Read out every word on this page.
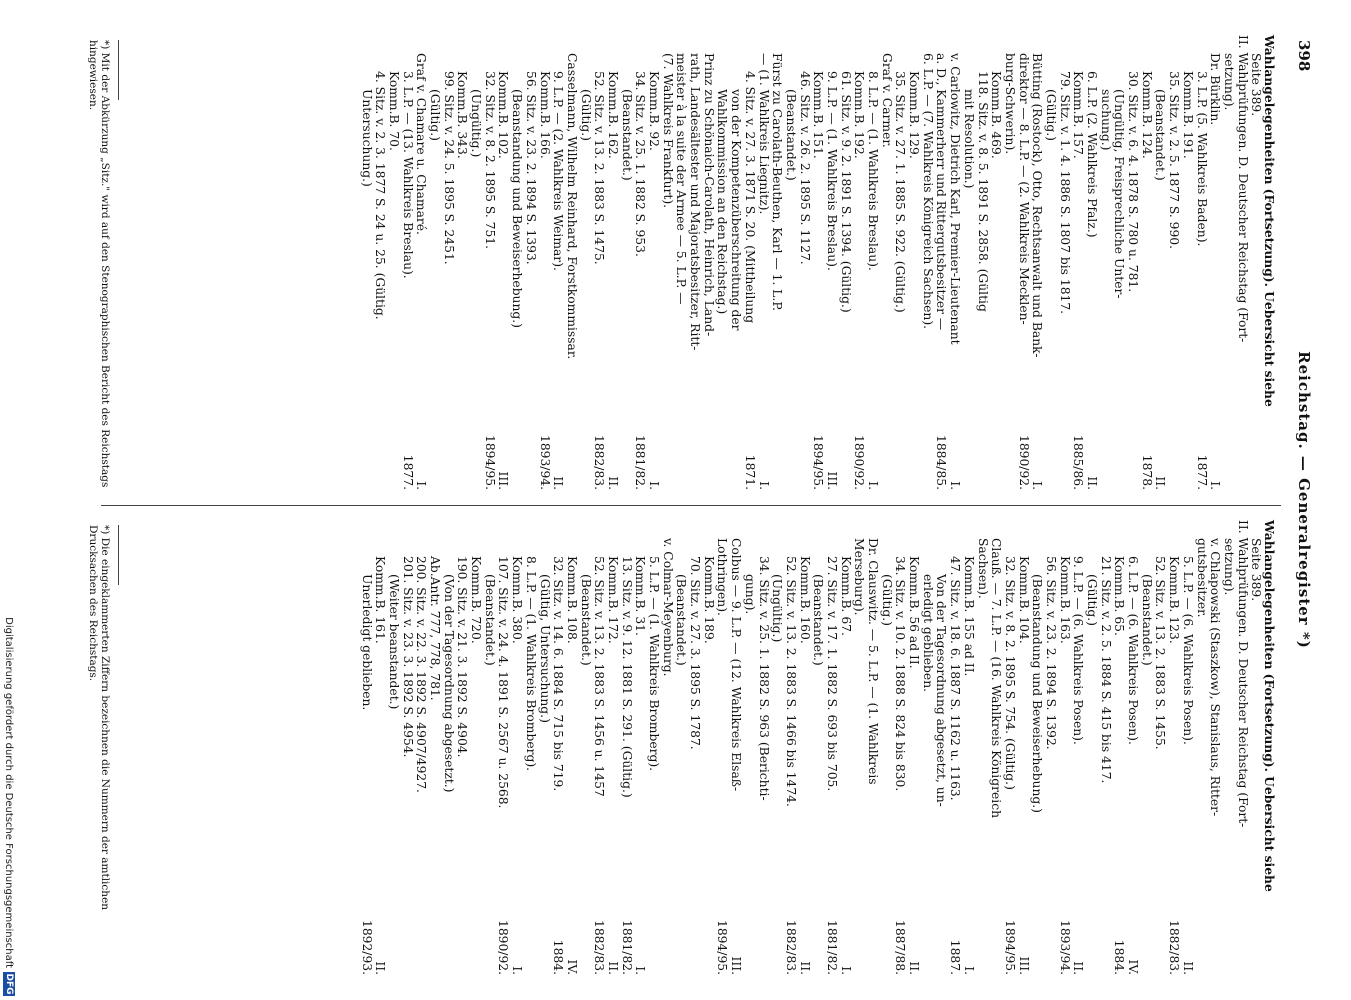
398
Reichstag. — Generalregister *)
Wahlangelegenheiten (Fortsetzung). Uebersicht siehe
Seite 389.
II. Wahlprüfungen. D. Deutscher Reichstag (Fort-
setzung).
Dr. Bürklin.
I.
3. L.P. (5. Wahlkreis Baden).
1877.
Komm.B. 191.
35. Sitz. v. 2. 5. 1877 S. 990.
(Beanstandet.)
II.
Komm.B. 124.
1878.
30. Sitz. v. 6. 4. 1878 S. 780 u. 781.
(Ungültig, Freisprechliche Unter-
suchung.)
6. L.P. (2. Wahlkreis Pfalz.)
II.
Komm.B. 157.
1885/86.
79. Sitz. v. 1. 4. 1886 S. 1807 bis 1817.
(Gültig.)
Bütting (Rostock), Otto, Rechtsanwalt und Bank-
I.
direktor — 8. L.P. — (2. Wahlkreis Mecklen-
1890/92.
burg-Schwerin).
Komm.B. 469.
118. Sitz. v. 8. 5. 1891 S. 2858. (Gültig
mit Resolution.)
v. Carlowitz, Dietrich Karl, Premier-Lieutenant
I.
a. D., Kammerherr und Rittergutsbesitzer —
1884/85.
6. L.P. — (7. Wahlkreis Königreich Sachsen).
Komm.B. 129.
35. Sitz. v. 27. 1. 1885 S. 922. (Gültig.)
Graf v. Carmer.
8. L.P. — (1. Wahlkreis Breslau).
I.
Komm.B. 192.
1890/92.
61. Sitz. v. 9. 2. 1891 S. 1394. (Gültig.)
9. L.P. — (1. Wahlkreis Breslau).
III.
Komm.B. 151.
1894/95.
46. Sitz. v. 26. 2. 1895 S. 1127.
(Beanstandet.)
Fürst zu Carolath-Beuthen, Karl — 1. L.P.
— (1. Wahlkreis Liegnitz).
I.
4. Sitz. v. 27. 3. 1871 S. 20. (Mittheilung
1871.
von der Kompetenzüberschreitung der
Wahlkommission an den Reichstag.)
Prinz zu Schönaich-Carolath, Heinrich, Land-
rath, Landesältester und Majoratsbesitzer, Ritt-
meister à la suite der Armee — 5. L.P. —
(7. Wahlkreis Frankfurt).
Komm.B. 92.
I.
34. Sitz. v. 25. 1. 1882 S. 953.
1881/82.
(Beanstandet.)
Komm.B. 162.
II.
52. Sitz. v. 13. 2. 1883 S. 1475.
1882/83.
(Gültig.)
Casselmann, Wilhelm Reinhard, Forstkommissar.
9. L.P. — (2. Wahlkreis Weimar).
II.
Komm.B. 166.
1893/94.
56. Sitz. v. 23. 2. 1894 S. 1393.
(Beanstandung und Beweiserhebung.)
Komm.B. 102.
III.
32. Sitz. v. 8. 2. 1895 S. 751.
1894/95.
(Ungültig.)
Komm.B. 343.
99. Sitz. v. 24. 5. 1895 S. 2451.
(Gültig.)
Graf v. Chamare u. Chamaré.
I.
3. L.P. — (13. Wahlkreis Breslau).
1877.
Komm.B. 70.
4. Sitz. v. 2. 3. 1877 S. 24 u. 25. (Gültig.
Untersuchung.)
Wahlangelegenheiten (Fortsetzung). Uebersicht siehe
Seite 389.
II. Wahlprüfungen. D. Deutscher Reichstag (Fort-
setzung).
v. Chlapowski (Staszkow), Stanislaus, Ritter-
gutsbesitzer.
5. L.P. — (6. Wahlkreis Posen).
II.
Komm.B. 123.
1882/83.
52. Sitz. v. 13. 2. 1883 S. 1455.
(Beanstandet.)
6. L.P. — (6. Wahlkreis Posen).
IV.
Komm.B. 65.
1884.
21. Sitz. v. 2. 5. 1884 S. 415 bis 417.
(Gültig.)
9. L.P. — (6. Wahlkreis Posen).
II.
Komm.B. 163.
1893/94.
56. Sitz. v. 23. 2. 1894 S. 1392.
(Beanstandung und Beweiserhebung.)
Komm.B. 104.
III.
32. Sitz. v. 8. 2. 1895 S. 754. (Gültig.)
1894/95.
Clauß. — 7. L.P. — (16. Wahlkreis Königreich
Sachsen).
Komm.B. 155 ad II.
I.
47. Sitz. v. 18. 6. 1887 S. 1162 u. 1163.
1887.
Von der Tagesordnung abgesetzt, un-
erledigt geblieben.
Komm.B. 56 ad II.
II.
34. Sitz. v. 10. 2. 1888 S. 824 bis 830.
1887/88.
(Gültig.)
Dr. Clauswitz. — 5. L.P. — (1. Wahlkreis
Merseburg).
Komm.B. 67.
I.
27. Sitz. v. 17. 1. 1882 S. 693 bis 705.
1881/82.
(Beanstandet.)
Komm.B. 160.
II.
52. Sitz. v. 13. 2. 1883 S. 1466 bis 1474.
1882/83.
(Ungültig.)
34. Sitz. v. 25. 1. 1882 S. 963 (Berichti-
gung).
Colbus — 9. L.P. — (12. Wahlkreis Elsaß-
III.
Lothringen).
1894/95.
Komm.B. 189.
70. Sitz. v. 27. 3. 1895 S. 1787.
(Beanstandet.)
v. Colmar-Meyenburg.
5. L.P. — (1. Wahlkreis Bromberg).
Komm.B. 31.
I.
13. Sitz. v. 9. 12. 1881 S. 291. (Gültig.)
1881/82.
Komm.B. 172.
II.
52. Sitz. v. 13. 2. 1883 S. 1456 u. 1457
1882/83.
(Beanstandet.)
Komm.B. 108.
IV.
32. Sitz. v. 14. 6. 1884 S. 715 bis 719.
1884.
(Gültig, Untersuchung.)
8. L.P. — (1. Wahlkreis Bromberg).
Komm.B. 380.
I.
107. Sitz. v. 24. 4. 1891 S. 2567 u. 2568.
1890/92.
(Beanstandet.)
Komm.B. 720.
190. Sitz. v. 21. 3. 1892 S. 4904.
(Von der Tagesordnung abgesetzt.)
Ab.Antr. 777, 778, 781.
200. Sitz. v. 22. 3. 1892 S. 4907/4927.
201. Sitz. v. 23. 3. 1892 S. 4954.
(Weiter beanstandet.)
Komm.B. 161.
II.
Unerledigt geblieben.
1892/93.
*) Mit der Abkürzung „Sitz." wird auf den Stenographischen Bericht des Reichstags hingewiesen.
*) Die eingeklammerten Ziffern bezeichnen die Nummern der amtlichen Drucksachen des Reichstags.
Digitalisierung gefördert durch die Deutsche Forschungsgemeinschaft
DFG
